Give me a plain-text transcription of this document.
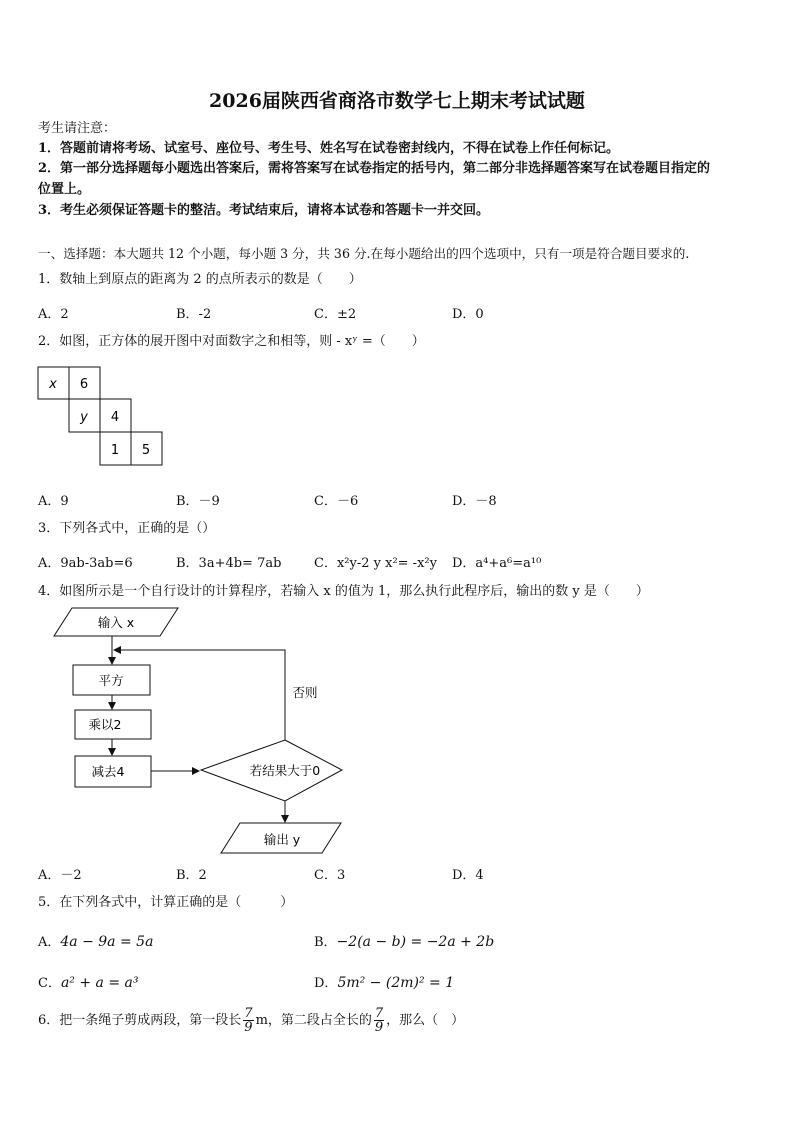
2026届陕西省商洛市数学七上期末考试试题
考生请注意：
1．答题前请将考场、试室号、座位号、考生号、姓名写在试卷密封线内，不得在试卷上作任何标记。
2．第一部分选择题每小题选出答案后，需将答案写在试卷指定的括号内，第二部分非选择题答案写在试卷题目指定的
位置上。
3．考生必须保证答题卡的整洁。考试结束后，请将本试卷和答题卡一并交回。
一、选择题：本大题共 12 个小题，每小题 3 分，共 36 分.在每小题给出的四个选项中，只有一项是符合题目要求的.
1．数轴上到原点的距离为 2 的点所表示的数是（　　）
A．2	B．-2	C．±2	D．0
2．如图，正方体的展开图中对面数字之和相等，则 - xʸ =（　　）
x 6
y 4
1 5
A．9	B．－9	C．－6	D．－8
3．下列各式中，正确的是（）
A．9ab-3ab=6	B．3a+4b= 7ab	C．x²y-2 y x²= -x²y D．a⁴+a⁶=a¹⁰
4．如图所示是一个自行设计的计算程序，若输入 x 的值为 1，那么执行此程序后，输出的数 y 是（　　）
输入 x
平方
乘以2
减去4	若结果大于0
否则
输出 y
A．－2	B．2	C．3	D．4
5．在下列各式中，计算正确的是（　　　）
A．4a − 9a = 5a	B．−2(a − b) = −2a + 2b
C．a² + a = a³	D．5m² − (2m)² = 1
6．把一条绳子剪成两段，第一段长 $\frac{7}{9}$ m，第二段占全长的 $\frac{7}{9}$ ，那么（　）
